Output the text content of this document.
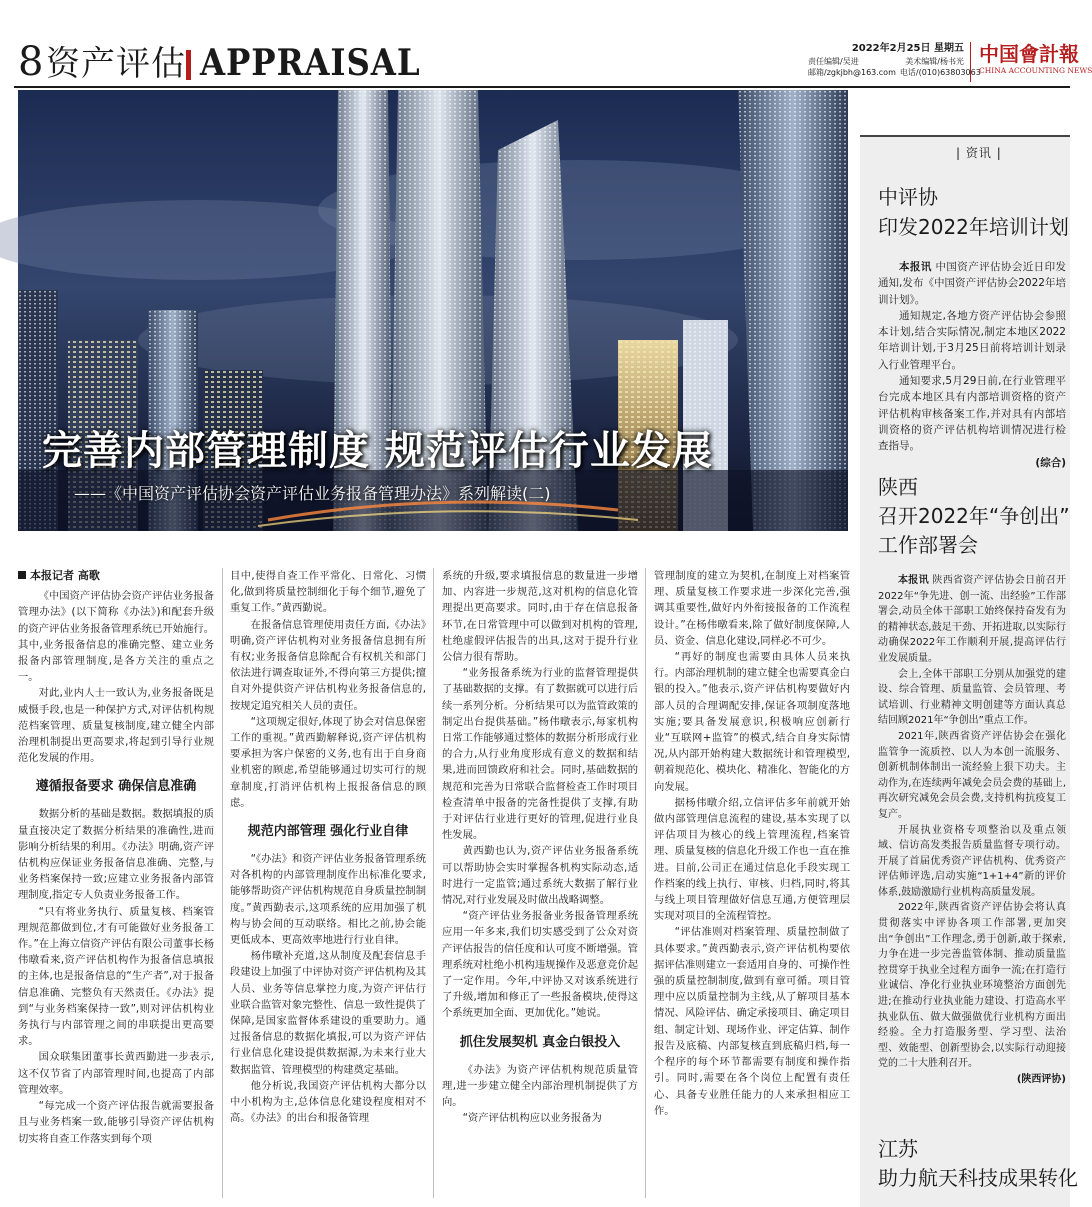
8 资产评估 APPRAISAL	2022年2月25日 星期五
责任编辑/吴进	美术编辑/杨书光
邮箱/zgkjbh@163.com 电话/(010)63803063
中国會計報
CHINA ACCOUNTING NEWS
完善内部管理制度 规范评估行业发展
——《中国资产评估协会资产评估业务报备管理办法》系列解读(二)

本报记者 高歌

《中国资产评估协会资产评估业务报备管理办法》(以下简称《办法》)和配套升级的资产评估业务报备管理系统已开始施行。其中,业务报备信息的准确完整、建立业务报备内部管理制度,是各方关注的重点之一。

对此,业内人士一致认为,业务报备既是威慑手段,也是一种保护方式,对评估机构规范档案管理、质量复核制度,建立健全内部治理机制提出更高要求,将起到引导行业规范化发展的作用。

遵循报备要求 确保信息准确

数据分析的基础是数据。数据填报的质量直接决定了数据分析结果的准确性,进而影响分析结果的利用。《办法》明确,资产评估机构应保证业务报备信息准确、完整,与业务档案保持一致;应建立业务报备内部管理制度,指定专人负责业务报备工作。

“只有将业务执行、质量复核、档案管理规范都做到位,才有可能做好业务报备工作。”在上海立信资产评估有限公司董事长杨伟暾看来,资产评估机构作为报备信息填报的主体,也是报备信息的“生产者”,对于报备信息准确、完整负有天然责任。《办法》提到“与业务档案保持一致”,则对评估机构业务执行与内部管理之间的串联提出更高要求。

国众联集团董事长黄西勤进一步表示,这不仅节省了内部管理时间,也提高了内部管理效率。

“每完成一个资产评估报告就需要报备且与业务档案一致,能够引导资产评估机构切实将自查工作落实到每个项

目中,使得自查工作平常化、日常化、习惯化,做到将质量控制细化于每个细节,避免了重复工作。”黄西勤说。

在报备信息管理使用责任方面,《办法》明确,资产评估机构对业务报备信息拥有所有权;业务报备信息除配合有权机关和部门依法进行调查取证外,不得向第三方提供;擅自对外提供资产评估机构业务报备信息的,按规定追究相关人员的责任。

“这项规定很好,体现了协会对信息保密工作的重视。”黄西勤解释说,资产评估机构要承担为客户保密的义务,也有出于自身商业机密的顾虑,希望能够通过切实可行的规章制度,打消评估机构上报报备信息的顾虑。

规范内部管理 强化行业自律

“《办法》和资产评估业务报备管理系统对各机构的内部管理制度作出标准化要求,能够帮助资产评估机构规范自身质量控制制度。”黄西勤表示,这项系统的应用加强了机构与协会间的互动联络。相比之前,协会能更低成本、更高效率地进行行业自律。

杨伟暾补充道,这从制度及配套信息手段建设上加强了中评协对资产评估机构及其人员、业务等信息掌控力度,为资产评估行业联合监管对象完整性、信息一致性提供了保障,是国家监督体系建设的重要助力。通过报备信息的数据化填报,可以为资产评估行业信息化建设提供数据源,为未来行业大数据监管、管理模型的构建奠定基础。

他分析说,我国资产评估机构大都分以中小机构为主,总体信息化建设程度相对不高。《办法》的出台和报备管理

系统的升级,要求填报信息的数量进一步增加、内容进一步规范,这对机构的信息化管理提出更高要求。同时,由于存在信息报备环节,在日常管理中可以做到对机构的管理,杜绝虚假评估报告的出具,这对于提升行业公信力很有帮助。

“业务报备系统为行业的监督管理提供了基础数据的支撑。有了数据就可以进行后续一系列分析。分析结果可以为监管政策的制定出台提供基础。”杨伟暾表示,每家机构日常工作能够通过整体的数据分析形成行业的合力,从行业角度形成有意义的数据和结果,进而回馈政府和社会。同时,基础数据的规范和完善为日常联合监督检查工作时项目检查清单中报备的完备性提供了支撑,有助于对评估行业进行更好的管理,促进行业良性发展。

黄西勤也认为,资产评估业务报备系统可以帮助协会实时掌握各机构实际动态,适时进行一定监管;通过系统大数据了解行业情况,对行业发展及时做出战略调整。

“资产评估业务报备业务报备管理系统应用一年多来,我们切实感受到了公众对资产评估报告的信任度和认可度不断增强。管理系统对杜绝小机构违规操作及恶意竞价起了一定作用。今年,中评协又对该系统进行了升级,增加和修正了一些报备模块,使得这个系统更加全面、更加优化。”她说。

抓住发展契机 真金白银投入

《办法》为资产评估机构规范质量管理,进一步建立健全内部治理机制提供了方向。

“资产评估机构应以业务报备为

管理制度的建立为契机,在制度上对档案管理、质量复核工作要求进一步深化完善,强调其重要性,做好内外衔接报备的工作流程设计。”在杨伟暾看来,除了做好制度保障,人员、资金、信息化建设,同样必不可少。

“再好的制度也需要由具体人员来执行。内部治理机制的建立健全也需要真金白银的投入。”他表示,资产评估机构要做好内部人员的合理调配安排,保证各项制度落地实施;要具备发展意识,积极响应创新行业“互联网+监管”的模式,结合自身实际情况,从内部开始构建大数据统计和管理模型,朝着规范化、模块化、精准化、智能化的方向发展。

据杨伟暾介绍,立信评估多年前就开始做内部管理信息流程的建设,基本实现了以评估项目为核心的线上管理流程,档案管理、质量复核的信息化升级工作也一直在推进。目前,公司正在通过信息化手段实现工作档案的线上执行、审核、归档,同时,将其与线上项目管理做好信息互通,方便管理层实现对项目的全流程管控。

“评估准则对档案管理、质量控制做了具体要求。”黄西勤表示,资产评估机构要依据评估准则建立一套适用自身的、可操作性强的质量控制制度,做到有章可循。项目管理中应以质量控制为主线,从了解项目基本情况、风险评估、确定承接项目、确定项目组、制定计划、现场作业、评定估算、制作报告及底稿、内部复核直到底稿归档,每一个程序的每个环节都需要有制度和操作指引。同时,需要在各个岗位上配置有责任心、具备专业胜任能力的人来承担相应工作。

| 资讯 |
中评协
印发2022年培训计划

本报讯 中国资产评估协会近日印发通知,发布《中国资产评估协会2022年培训计划》。

通知规定,各地方资产评估协会参照本计划,结合实际情况,制定本地区2022年培训计划,于3月25日前将培训计划录入行业管理平台。

通知要求,5月29日前,在行业管理平台完成本地区具有内部培训资格的资产评估机构审核备案工作,并对具有内部培训资格的资产评估机构培训情况进行检查指导。

(综合)
陕西
召开2022年“争创出”
工作部署会

本报讯 陕西省资产评估协会日前召开2022年“争先进、创一流、出经验”工作部署会,动员全体干部职工始终保持奋发有为的精神状态,鼓足干劲、开拓进取,以实际行动确保2022年工作顺利开展,提高评估行业发展质量。

会上,全体干部职工分别从加强党的建设、综合管理、质量监管、会员管理、考试培训、行业精神文明创建等方面认真总结回顾2021年“争创出”重点工作。

2021年,陕西省资产评估协会在强化监管争一流质控、以人为本创一流服务、创新机制体制出一流经验上狠下功夫。主动作为,在连续两年减免会员会费的基础上,再次研究减免会员会费,支持机构抗疫复工复产。

开展执业资格专项整治以及重点领域、信访高发类报告质量监督专项行动。开展了首届优秀资产评估机构、优秀资产评估师评选,启动实施“1+1+4”新的评价体系,鼓励激励行业机构高质量发展。

2022年,陕西省资产评估协会将认真贯彻落实中评协各项工作部署,更加突出“争创出”工作理念,勇于创新,敢于探索,力争在进一步完善监管体制、推动质量监控贯穿于执业全过程方面争一流;在打造行业诚信、净化行业执业环境整治方面创先进;在推动行业执业能力建设、打造高水平执业队伍、做大做强做优行业机构方面出经验。全力打造服务型、学习型、法治型、效能型、创新型协会,以实际行动迎接党的二十大胜利召开。

(陕西评协)
江苏
助力航天科技成果转化
